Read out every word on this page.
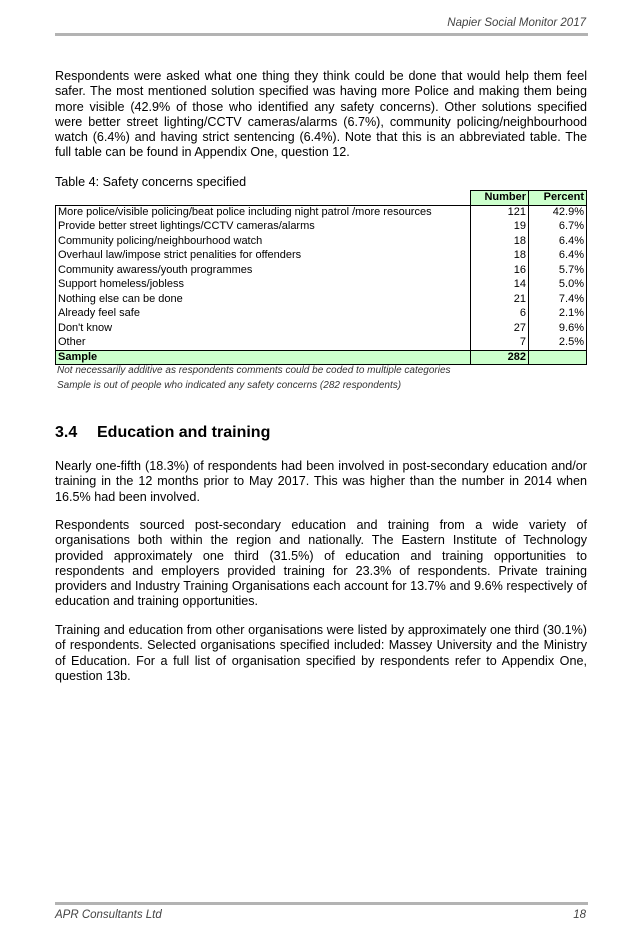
Napier Social Monitor 2017

Respondents were asked what one thing they think could be done that would help them feel safer. The most mentioned solution specified was having more Police and making them being more visible (42.9% of those who identified any safety concerns). Other solutions specified were better street lighting/CCTV cameras/alarms (6.7%), community policing/neighbourhood watch (6.4%) and having strict sentencing (6.4%). Note that this is an abbreviated table. The full table can be found in Appendix One, question 12.

Table 4: Safety concerns specified
	Number	Percent
More police/visible policing/beat police including night patrol /more resources	121	42.9%
Provide better street lightings/CCTV cameras/alarms	19	6.7%
Community policing/neighbourhood watch	18	6.4%
Overhaul law/impose strict penalities for offenders	18	6.4%
Community awaress/youth programmes	16	5.7%
Support homeless/jobless	14	5.0%
Nothing else can be done	21	7.4%
Already feel safe	6	2.1%
Don't know	27	9.6%
Other	7	2.5%
Sample	282	
Not necessarily additive as respondents comments could be coded to multiple categories
Sample is out of people who indicated any safety concerns (282 respondents)
3.4 Education and training

Nearly one-fifth (18.3%) of respondents had been involved in post-secondary education and/or training in the 12 months prior to May 2017. This was higher than the number in 2014 when 16.5% had been involved.

Respondents sourced post-secondary education and training from a wide variety of organisations both within the region and nationally. The Eastern Institute of Technology provided approximately one third (31.5%) of education and training opportunities to respondents and employers provided training for 23.3% of respondents. Private training providers and Industry Training Organisations each account for 13.7% and 9.6% respectively of education and training opportunities.

Training and education from other organisations were listed by approximately one third (30.1%) of respondents. Selected organisations specified included: Massey University and the Ministry of Education. For a full list of organisation specified by respondents refer to Appendix One, question 13b.

APR Consultants Ltd	18
